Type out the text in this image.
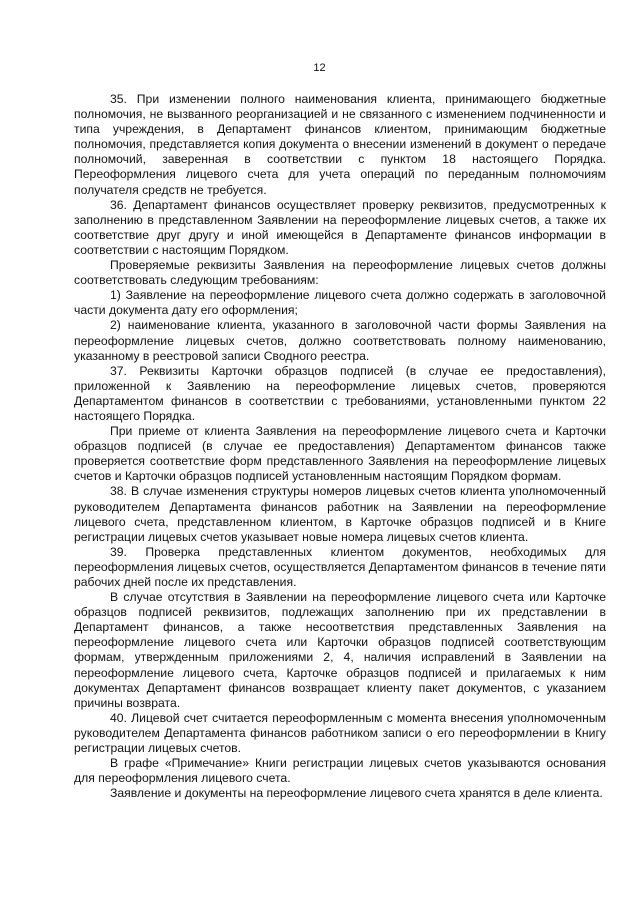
12

35. При изменении полного наименования клиента, принимающего бюджетные полномочия, не вызванного реорганизацией и не связанного с изменением подчиненности и типа учреждения, в Департамент финансов клиентом, принимающим бюджетные полномочия, представляется копия документа о внесении изменений в документ о передаче полномочий, заверенная в соответствии с пунктом 18 настоящего Порядка. Переоформления лицевого счета для учета операций по переданным полномочиям получателя средств не требуется.

36. Департамент финансов осуществляет проверку реквизитов, предусмотренных к заполнению в представленном Заявлении на переоформление лицевых счетов, а также их соответствие друг другу и иной имеющейся в Департаменте финансов информации в соответствии с настоящим Порядком.

Проверяемые реквизиты Заявления на переоформление лицевых счетов должны соответствовать следующим требованиям:

1) Заявление на переоформление лицевого счета должно содержать в заголовочной части документа дату его оформления;

2) наименование клиента, указанного в заголовочной части формы Заявления на переоформление лицевых счетов, должно соответствовать полному наименованию, указанному в реестровой записи Сводного реестра.

37. Реквизиты Карточки образцов подписей (в случае ее предоставления), приложенной к Заявлению на переоформление лицевых счетов, проверяются Департаментом финансов в соответствии с требованиями, установленными пунктом 22 настоящего Порядка.

При приеме от клиента Заявления на переоформление лицевого счета и Карточки образцов подписей (в случае ее предоставления) Департаментом финансов также проверяется соответствие форм представленного Заявления на переоформление лицевых счетов и Карточки образцов подписей установленным настоящим Порядком формам.

38. В случае изменения структуры номеров лицевых счетов клиента уполномоченный руководителем Департамента финансов работник на Заявлении на переоформление лицевого счета, представленном клиентом, в Карточке образцов подписей и в Книге регистрации лицевых счетов указывает новые номера лицевых счетов клиента.

39. Проверка представленных клиентом документов, необходимых для переоформления лицевых счетов, осуществляется Департаментом финансов в течение пяти рабочих дней после их представления.

В случае отсутствия в Заявлении на переоформление лицевого счета или Карточке образцов подписей реквизитов, подлежащих заполнению при их представлении в Департамент финансов, а также несоответствия представленных Заявления на переоформление лицевого счета или Карточки образцов подписей соответствующим формам, утвержденным приложениями 2, 4, наличия исправлений в Заявлении на переоформление лицевого счета, Карточке образцов подписей и прилагаемых к ним документах Департамент финансов возвращает клиенту пакет документов, с указанием причины возврата.

40. Лицевой счет считается переоформленным с момента внесения уполномоченным руководителем Департамента финансов работником записи о его переоформлении в Книгу регистрации лицевых счетов.

В графе «Примечание» Книги регистрации лицевых счетов указываются основания для переоформления лицевого счета.

Заявление и документы на переоформление лицевого счета хранятся в деле клиента.
